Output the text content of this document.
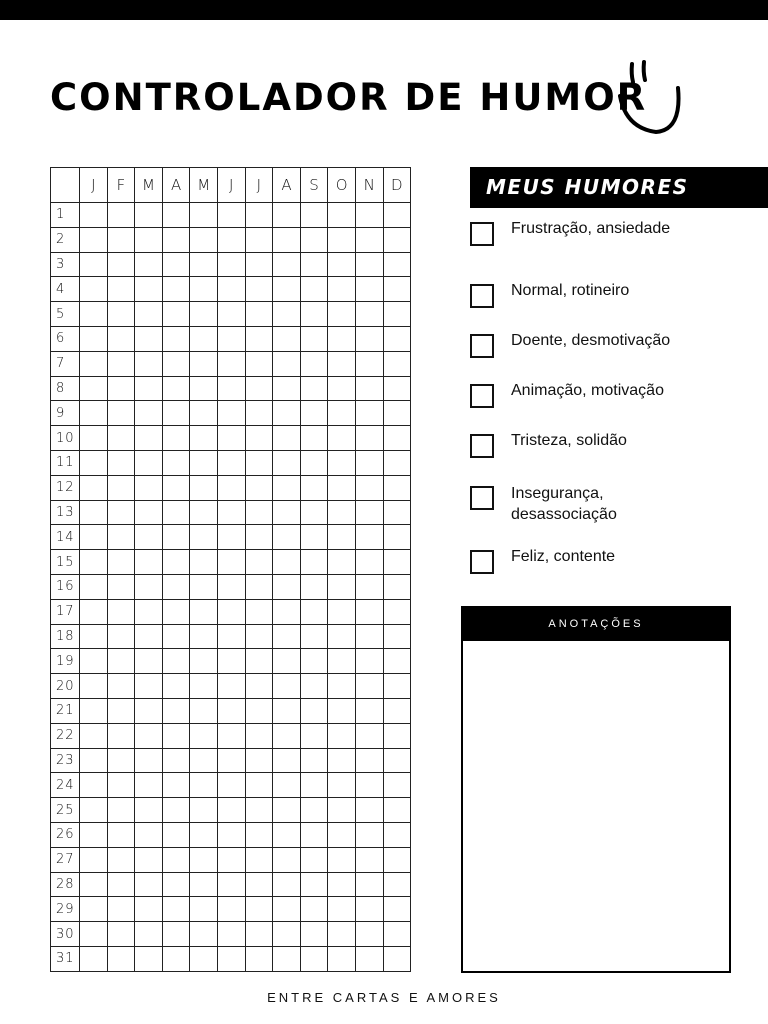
CONTROLADOR DE HUMOR
	J	F	M	A	M	J	J	A	S	O	N	D
1												
2												
3												
4												
5												
6												
7												
8												
9												
10												
11												
12												
13												
14												
15												
16												
17												
18												
19												
20												
21												
22												
23												
24												
25												
26												
27												
28												
29												
30												
31												
MEUS HUMORES
Frustração, ansiedade
Normal, rotineiro
Doente, desmotivação
Animação, motivação
Tristeza, solidão
Insegurança, desassociação
Feliz, contente
ANOTAÇÕES
ENTRE CARTAS E AMORES
